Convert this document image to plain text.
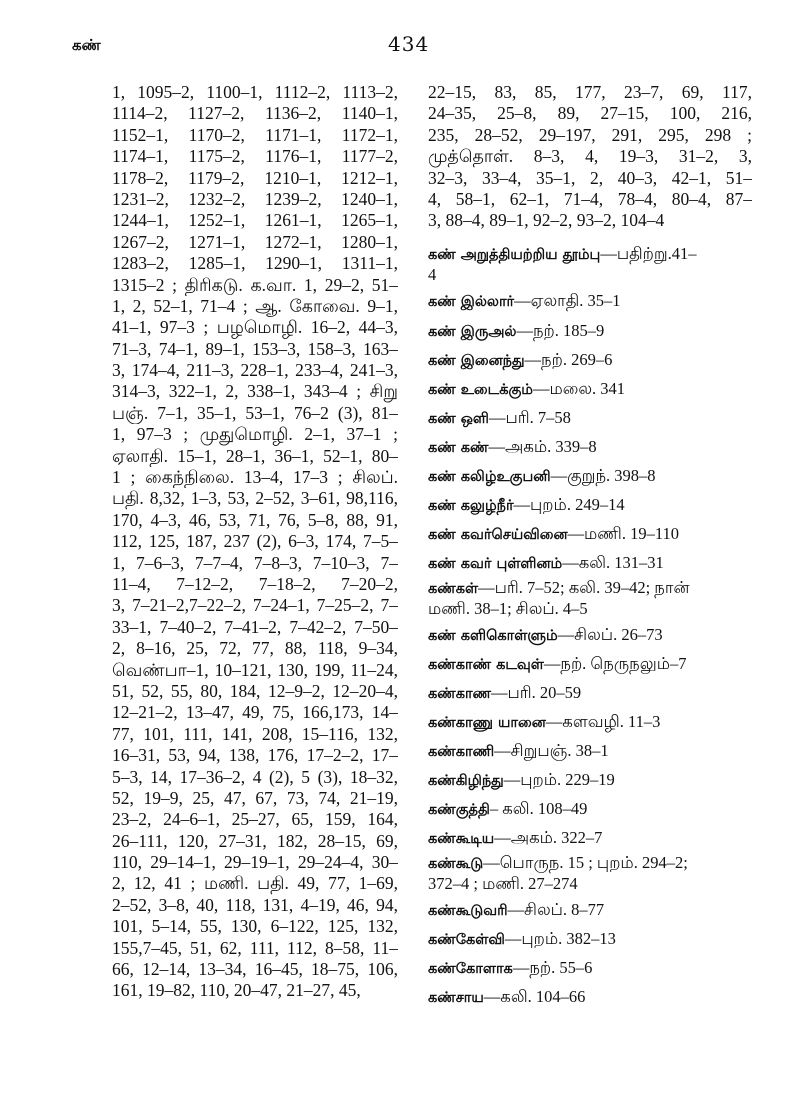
கண்	434
1, 1095–2, 1100–1, 1112–2, 1113–2,
1114–2, 1127–2, 1136–2, 1140–1,
1152–1, 1170–2, 1171–1, 1172–1,
1174–1, 1175–2, 1176–1, 1177–2,
1178–2, 1179–2, 1210–1, 1212–1,
1231–2, 1232–2, 1239–2, 1240–1,
1244–1, 1252–1, 1261–1, 1265–1,
1267–2, 1271–1, 1272–1, 1280–1,
1283–2, 1285–1, 1290–1, 1311–1,
1315–2 ; திரிகடு. க.வா. 1, 29–2, 51–
1, 2, 52–1, 71–4 ; ஆ. கோவை. 9–1,
41–1, 97–3 ; பழமொழி. 16–2, 44–3,
71–3, 74–1, 89–1, 153–3, 158–3, 163–
3, 174–4, 211–3, 228–1, 233–4, 241–3,
314–3, 322–1, 2, 338–1, 343–4 ; சிறு
பஞ். 7–1, 35–1, 53–1, 76–2 (3), 81–
1, 97–3 ; முதுமொழி. 2–1, 37–1 ;
ஏலாதி. 15–1, 28–1, 36–1, 52–1, 80–
1 ; கைந்நிலை. 13–4, 17–3 ; சிலப்.
பதி. 8,32, 1–3, 53, 2–52, 3–61, 98,116,
170, 4–3, 46, 53, 71, 76, 5–8, 88, 91,
112, 125, 187, 237 (2), 6–3, 174, 7–5–
1, 7–6–3, 7–7–4, 7–8–3, 7–10–3, 7–
11–4, 7–12–2, 7–18–2, 7–20–2,
3, 7–21–2,7–22–2, 7–24–1, 7–25–2, 7–
33–1, 7–40–2, 7–41–2, 7–42–2, 7–50–
2, 8–16, 25, 72, 77, 88, 118, 9–34,
வெண்பா–1, 10–121, 130, 199, 11–24,
51, 52, 55, 80, 184, 12–9–2, 12–20–4,
12–21–2, 13–47, 49, 75, 166,173, 14–
77, 101, 111, 141, 208, 15–116, 132,
16–31, 53, 94, 138, 176, 17–2–2, 17–
5–3, 14, 17–36–2, 4 (2), 5 (3), 18–32,
52, 19–9, 25, 47, 67, 73, 74, 21–19,
23–2, 24–6–1, 25–27, 65, 159, 164,
26–111, 120, 27–31, 182, 28–15, 69,
110, 29–14–1, 29–19–1, 29–24–4, 30–
2, 12, 41 ; மணி. பதி. 49, 77, 1–69,
2–52, 3–8, 40, 118, 131, 4–19, 46, 94,
101, 5–14, 55, 130, 6–122, 125, 132,
155,7–45, 51, 62, 111, 112, 8–58, 11–
66, 12–14, 13–34, 16–45, 18–75, 106,
161, 19–82, 110, 20–47, 21–27, 45,
22–15, 83, 85, 177, 23–7, 69, 117,
24–35, 25–8, 89, 27–15, 100, 216,
235, 28–52, 29–197, 291, 295, 298 ;
முத்தொள். 8–3, 4, 19–3, 31–2, 3,
32–3, 33–4, 35–1, 2, 40–3, 42–1, 51–
4, 58–1, 62–1, 71–4, 78–4, 80–4, 87–
3, 88–4, 89–1, 92–2, 93–2, 104–4
கண் அறுத்தியற்றிய தூம்பு—பதிற்று.41–
4
கண் இல்லார்—ஏலாதி. 35–1
கண் இருஅல்—நற். 185–9
கண் இனைந்து—நற். 269–6
கண் உடைக்கும்—மலை. 341
கண் ஒளி—பரி. 7–58
கண் கண்—அகம். 339–8
கண் கலிழ்உகுபனி—குறுந். 398–8
கண் கலுழ்நீர்—புறம். 249–14
கண் கவர்செய்வினை—மணி. 19–110
கண் கவர் புள்ளினம்—கலி. 131–31
கண்கள்—பரி. 7–52; கலி. 39–42; நான்
மணி. 38–1; சிலப். 4–5
கண் களிகொள்ளும்—சிலப். 26–73
கண்காண் கடவுள்—நற். நெருநலும்–7
கண்காண—பரி. 20–59
கண்காணு யானை—களவழி. 11–3
கண்காணி—சிறுபஞ். 38–1
கண்கிழிந்து—புறம். 229–19
கண்குத்தி– கலி. 108–49
கண்கூடிய—அகம். 322–7
கண்கூடு—பொருந. 15 ; புறம். 294–2;
372–4 ; மணி. 27–274
கண்கூடுவரி—சிலப். 8–77
கண்கேள்வி—புறம். 382–13
கண்கோளாக—நற். 55–6
கண்சாய—கலி. 104–66
